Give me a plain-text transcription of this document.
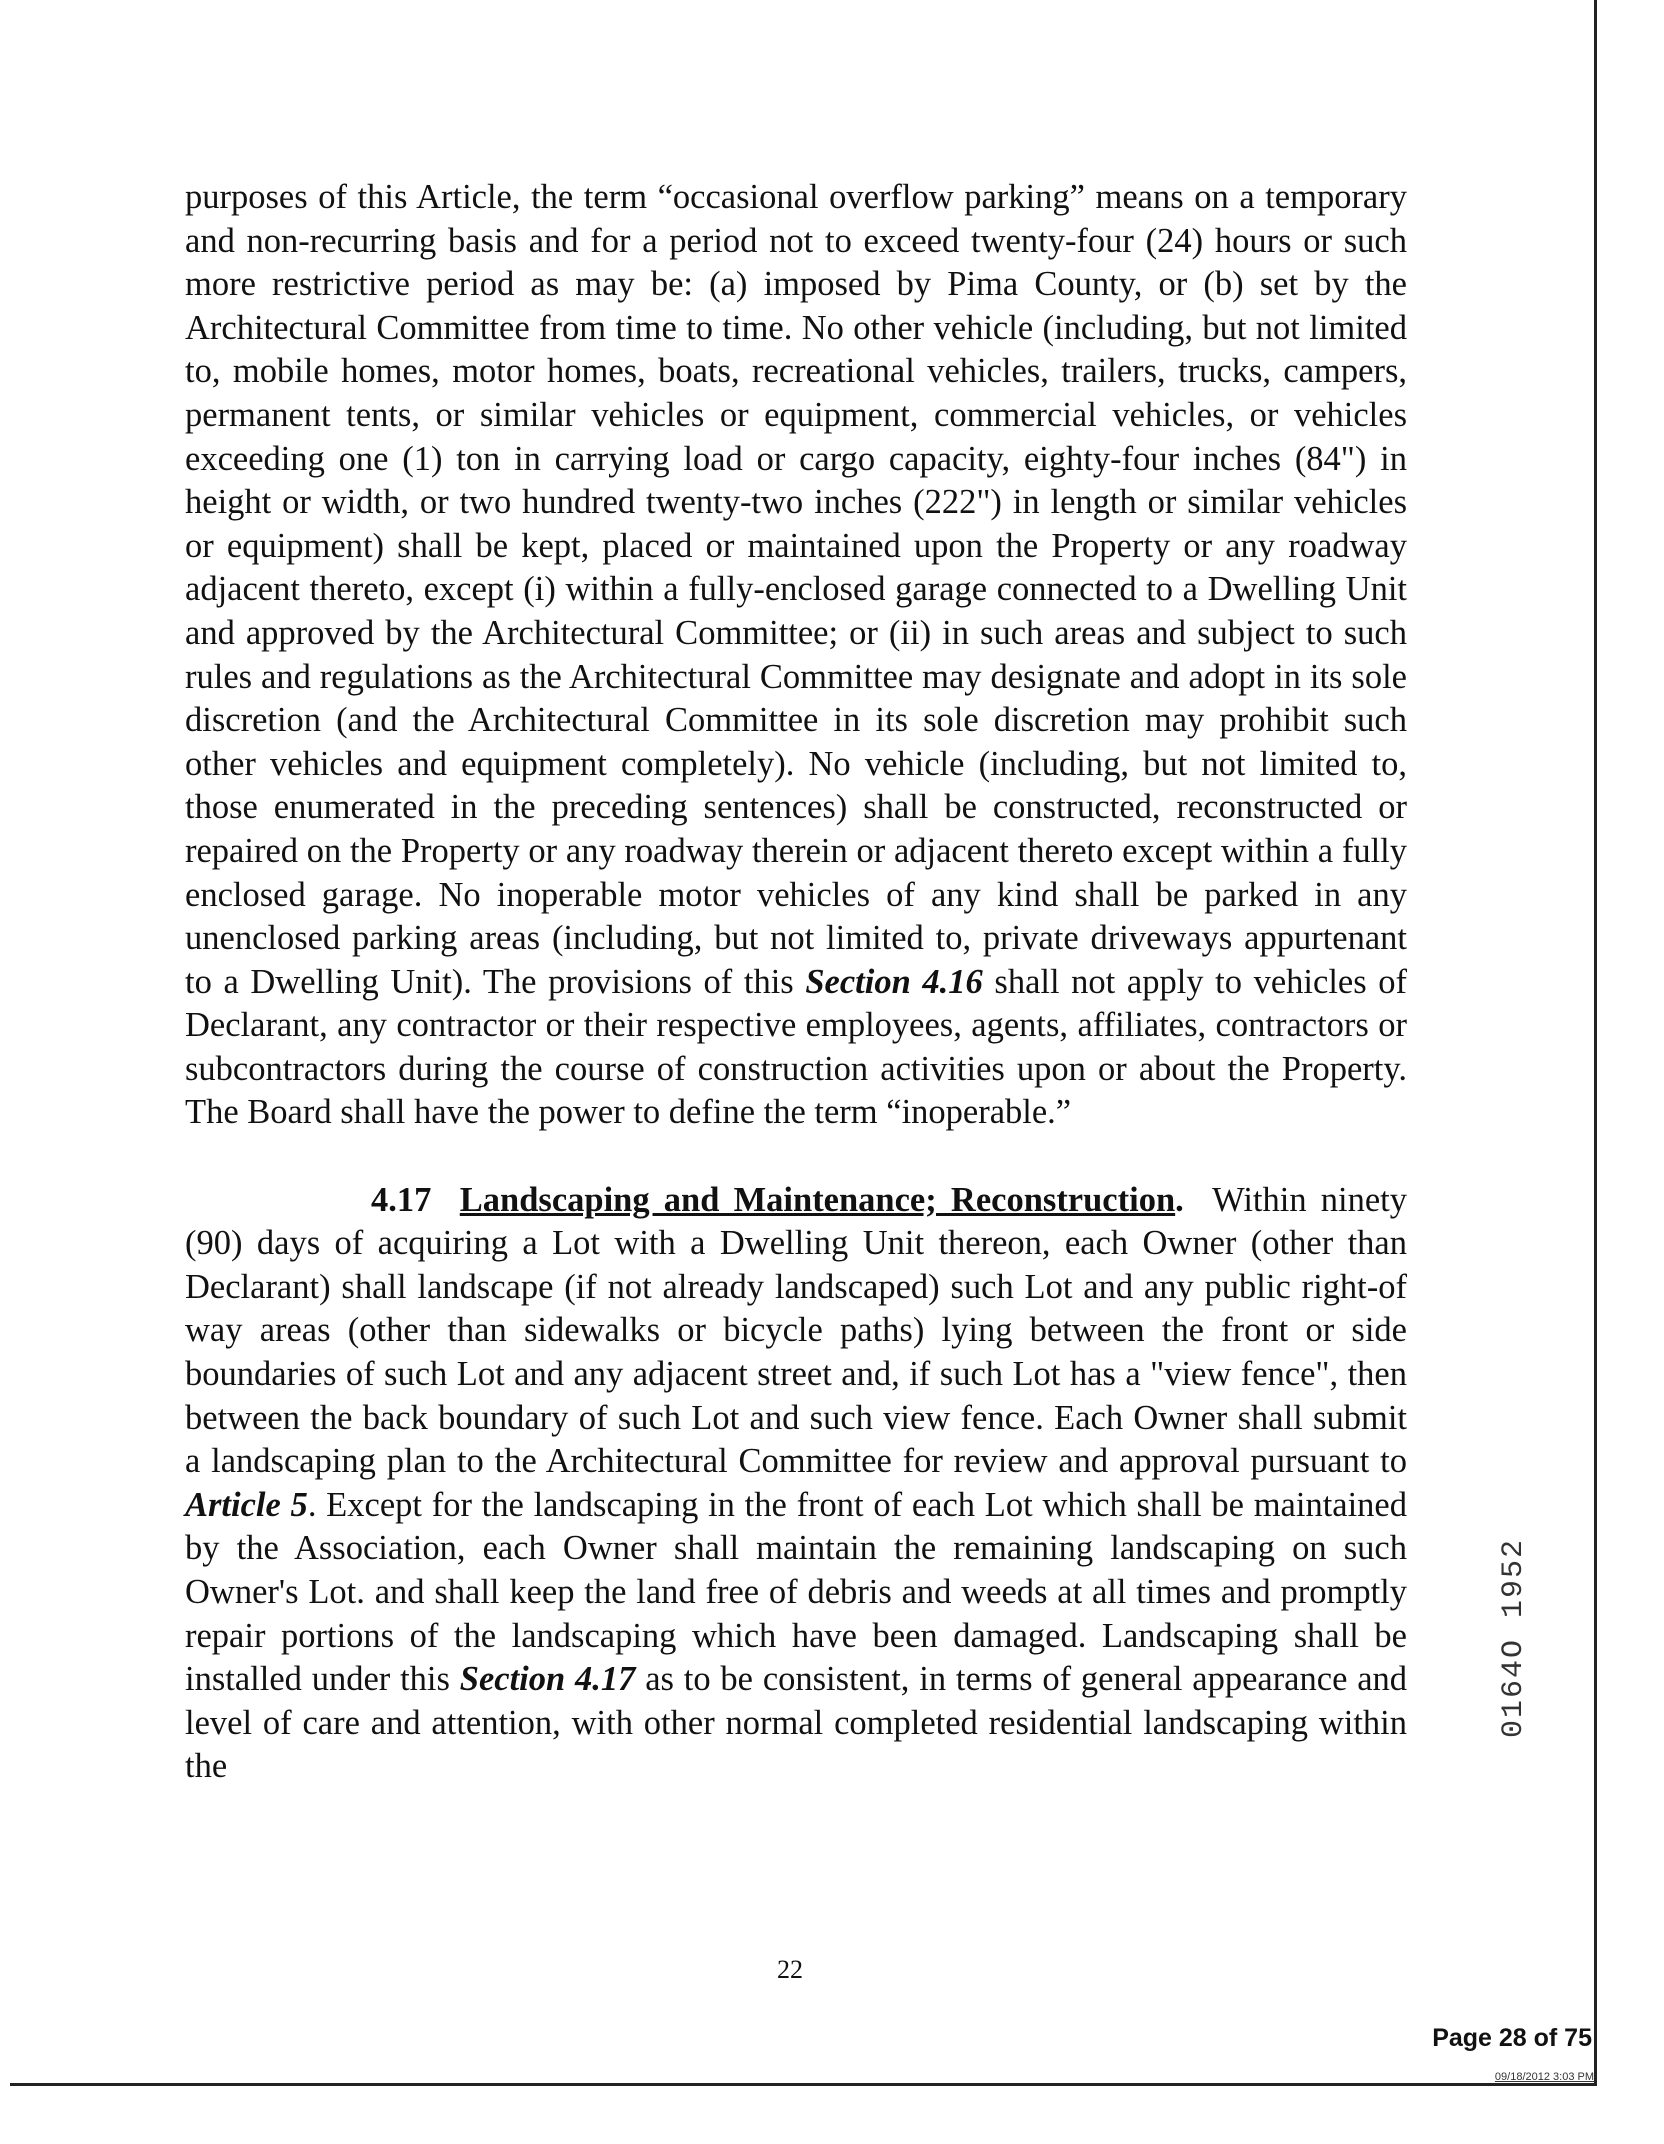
purposes of this Article, the term “occasional overflow parking” means on a temporary and non-recurring basis and for a period not to exceed twenty-four (24) hours or such more restrictive period as may be: (a) imposed by Pima County, or (b) set by the Architectural Committee from time to time. No other vehicle (including, but not limited to, mobile homes, motor homes, boats, recreational vehicles, trailers, trucks, campers, permanent tents, or similar vehicles or equipment, commercial vehicles, or vehicles exceeding one (1) ton in carrying load or cargo capacity, eighty-four inches (84") in height or width, or two hundred twenty-two inches (222") in length or similar vehicles or equipment) shall be kept, placed or maintained upon the Property or any roadway adjacent thereto, except (i) within a fully-enclosed garage connected to a Dwelling Unit and approved by the Architectural Committee; or (ii) in such areas and subject to such rules and regulations as the Architectural Committee may designate and adopt in its sole discretion (and the Architectural Committee in its sole discretion may prohibit such other vehicles and equipment completely). No vehicle (including, but not limited to, those enumerated in the preceding sentences) shall be constructed, reconstructed or repaired on the Property or any roadway therein or adjacent thereto except within a fully enclosed garage. No inoperable motor vehicles of any kind shall be parked in any unenclosed parking areas (including, but not limited to, private driveways appurtenant to a Dwelling Unit). The provisions of this Section 4.16 shall not apply to vehicles of Declarant, any contractor or their respective employees, agents, affiliates, contractors or subcontractors during the course of construction activities upon or about the Property. The Board shall have the power to define the term “inoperable.”

4.17 Landscaping and Maintenance; Reconstruction. Within ninety (90) days of acquiring a Lot with a Dwelling Unit thereon, each Owner (other than Declarant) shall landscape (if not already landscaped) such Lot and any public right-of way areas (other than sidewalks or bicycle paths) lying between the front or side boundaries of such Lot and any adjacent street and, if such Lot has a "view fence", then between the back boundary of such Lot and such view fence. Each Owner shall submit a landscaping plan to the Architectural Committee for review and approval pursuant to Article 5. Except for the landscaping in the front of each Lot which shall be maintained by the Association, each Owner shall maintain the remaining landscaping on such Owner's Lot. and shall keep the land free of debris and weeds at all times and promptly repair portions of the landscaping which have been damaged. Landscaping shall be installed under this Section 4.17 as to be consistent, in terms of general appearance and level of care and attention, with other normal completed residential landscaping within the

0164O 1952
22
Page 28 of 75
09/18/2012 3:03 PM
